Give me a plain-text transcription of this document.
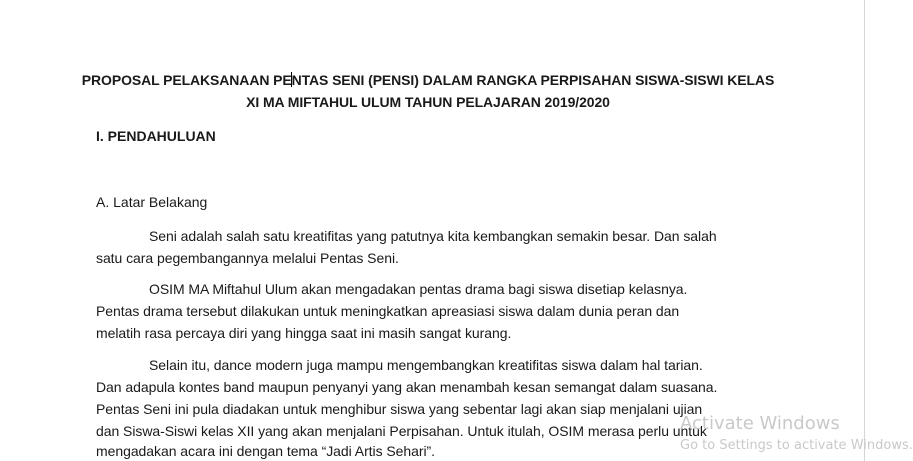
PROPOSAL PELAKSANAAN PENTAS SENI (PENSI) DALAM RANGKA PERPISAHAN SISWA-SISWI KELAS
XI MA MIFTAHUL ULUM TAHUN PELAJARAN 2019/2020
I. PENDAHULUAN
A. Latar Belakang
Seni adalah salah satu kreatifitas yang patutnya kita kembangkan semakin besar. Dan salah
satu cara pegembangannya melalui Pentas Seni.
OSIM MA Miftahul Ulum akan mengadakan pentas drama bagi siswa disetiap kelasnya.
Pentas drama tersebut dilakukan untuk meningkatkan apreasiasi siswa dalam dunia peran dan
melatih rasa percaya diri yang hingga saat ini masih sangat kurang.
Selain itu, dance modern juga mampu mengembangkan kreatifitas siswa dalam hal tarian.
Dan adapula kontes band maupun penyanyi yang akan menambah kesan semangat dalam suasana.
Pentas Seni ini pula diadakan untuk menghibur siswa yang sebentar lagi akan siap menjalani ujian
dan Siswa-Siswi kelas XII yang akan menjalani Perpisahan. Untuk itulah, OSIM merasa perlu untuk
mengadakan acara ini dengan tema “Jadi Artis Sehari”.
Activate Windows
Go to Settings to activate Windows.
